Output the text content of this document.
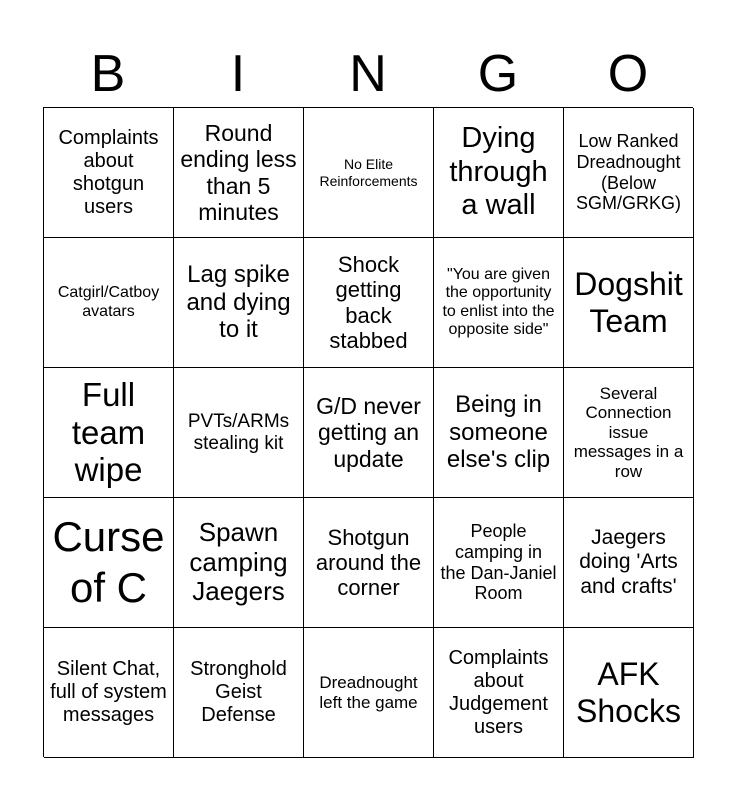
B	I	N	G	O
Complaints about shotgun users
Round ending less than 5 minutes
No Elite Reinforcements
Dying through a wall
Low Ranked Dreadnought (Below SGM/GRKG)
Catgirl/Catboy avatars
Lag spike and dying to it
Shock getting back stabbed
"You are given the opportunity to enlist into the opposite side"
Dogshit Team
Full team wipe
PVTs/ARMs stealing kit
G/D never getting an update
Being in someone else's clip
Several Connection issue messages in a row
Curse of C
Spawn camping Jaegers
Shotgun around the corner
People camping in the Dan-Janiel Room
Jaegers doing 'Arts and crafts'
Silent Chat, full of system messages
Stronghold Geist Defense
Dreadnought left the game
Complaints about Judgement users
AFK Shocks
